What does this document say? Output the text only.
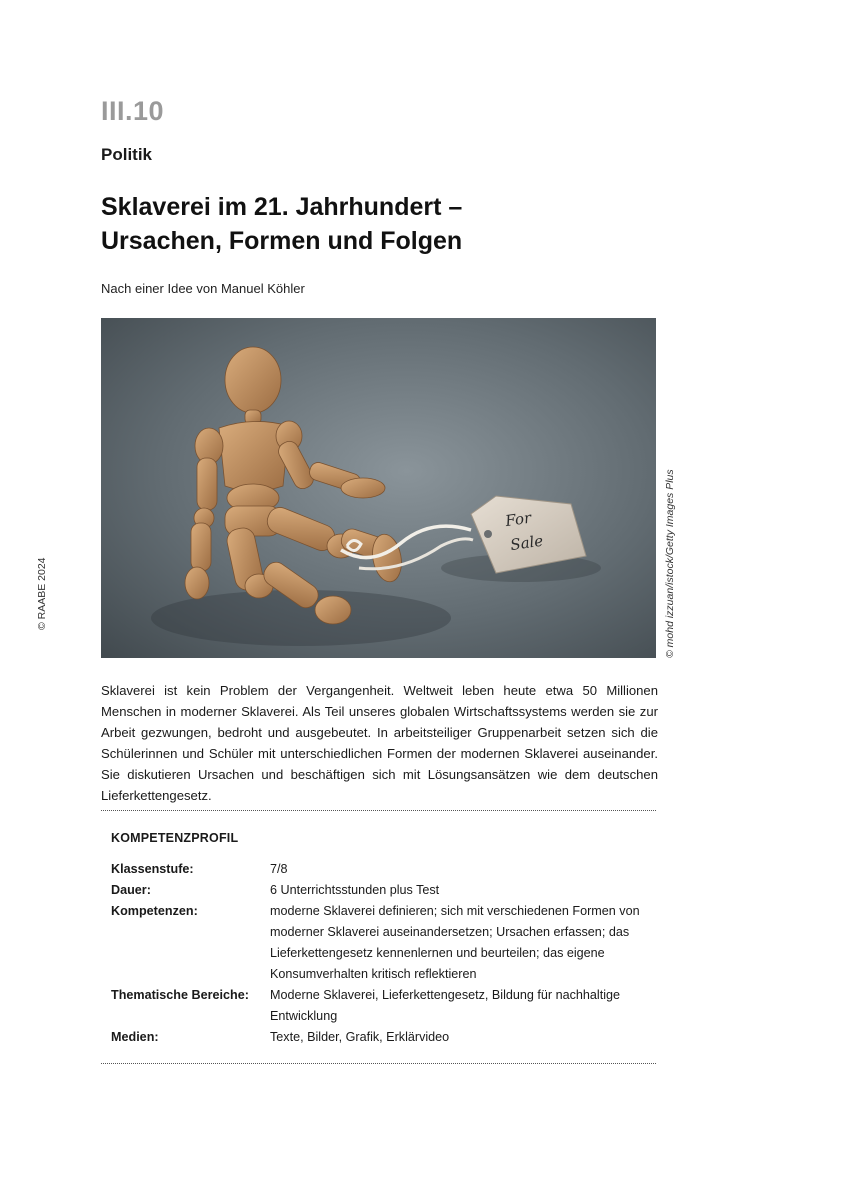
III.10
Politik
Sklaverei im 21. Jahrhundert –
Ursachen, Formen und Folgen
Nach einer Idee von Manuel Köhler
For
Sale	© mohd izzuan/istock/Getty Images Plus
© RAABE 2024

Sklaverei ist kein Problem der Vergangenheit. Weltweit leben heute etwa 50 Millionen Menschen in moderner Sklaverei. Als Teil unseres globalen Wirtschaftssystems werden sie zur Arbeit gezwungen, bedroht und ausgebeutet. In arbeitsteiliger Gruppenarbeit setzen sich die Schülerinnen und Schüler mit unterschiedlichen Formen der modernen Sklaverei auseinander. Sie diskutieren Ursachen und beschäftigen sich mit Lösungsansätzen wie dem deutschen Lieferkettengesetz.

KOMPETENZPROFIL
Klassenstufe:	7/8
Dauer:	6 Unterrichtsstunden plus Test
Kompetenzen:	moderne Sklaverei definieren; sich mit verschiedenen Formen von moderner Sklaverei auseinandersetzen; Ursachen erfassen; das Lieferkettengesetz kennenlernen und beurteilen; das eigene Konsumverhalten kritisch reflektieren
Thematische Bereiche:	Moderne Sklaverei, Lieferkettengesetz, Bildung für nachhaltige Entwicklung
Medien:	Texte, Bilder, Grafik, Erklärvideo
